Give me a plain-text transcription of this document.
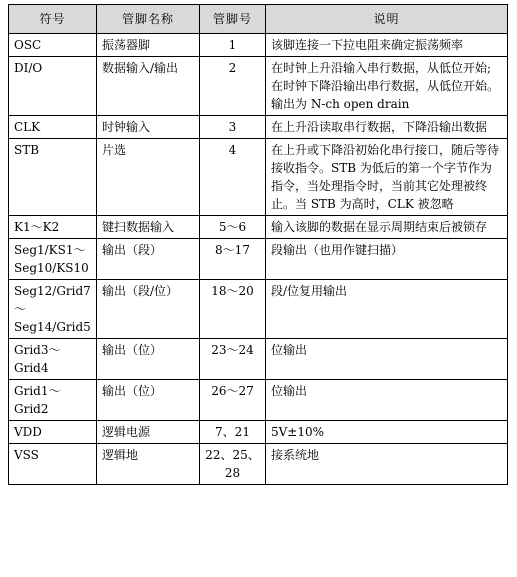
符号	管脚名称	管脚号	说明
OSC	振荡器脚	1	该脚连接一下拉电阻来确定振荡频率
DI/O	数据输入/输出	2	在时钟上升沿输入串行数据，从低位开始;在时钟下降沿输出串行数据，从低位开始。输出为 N-ch open drain
CLK	时钟输入	3	在上升沿读取串行数据，下降沿输出数据
STB	片选	4	在上升或下降沿初始化串行接口，随后等待接收指令。STB 为低后的第一个字节作为指令，当处理指令时，当前其它处理被终止。当 STB 为高时，CLK 被忽略
K1～K2	键扫数据输入	5～6	输入该脚的数据在显示周期结束后被锁存
Seg1/KS1～Seg10/KS10	输出（段）	8～17	段输出（也用作键扫描）
Seg12/Grid7～Seg14/Grid5	输出（段/位）	18～20	段/位复用输出
Grid3～Grid4	输出（位）	23～24	位输出
Grid1～Grid2	输出（位）	26～27	位输出
VDD	逻辑电源	7、21	5V±10%
VSS	逻辑地	22、25、28	接系统地
